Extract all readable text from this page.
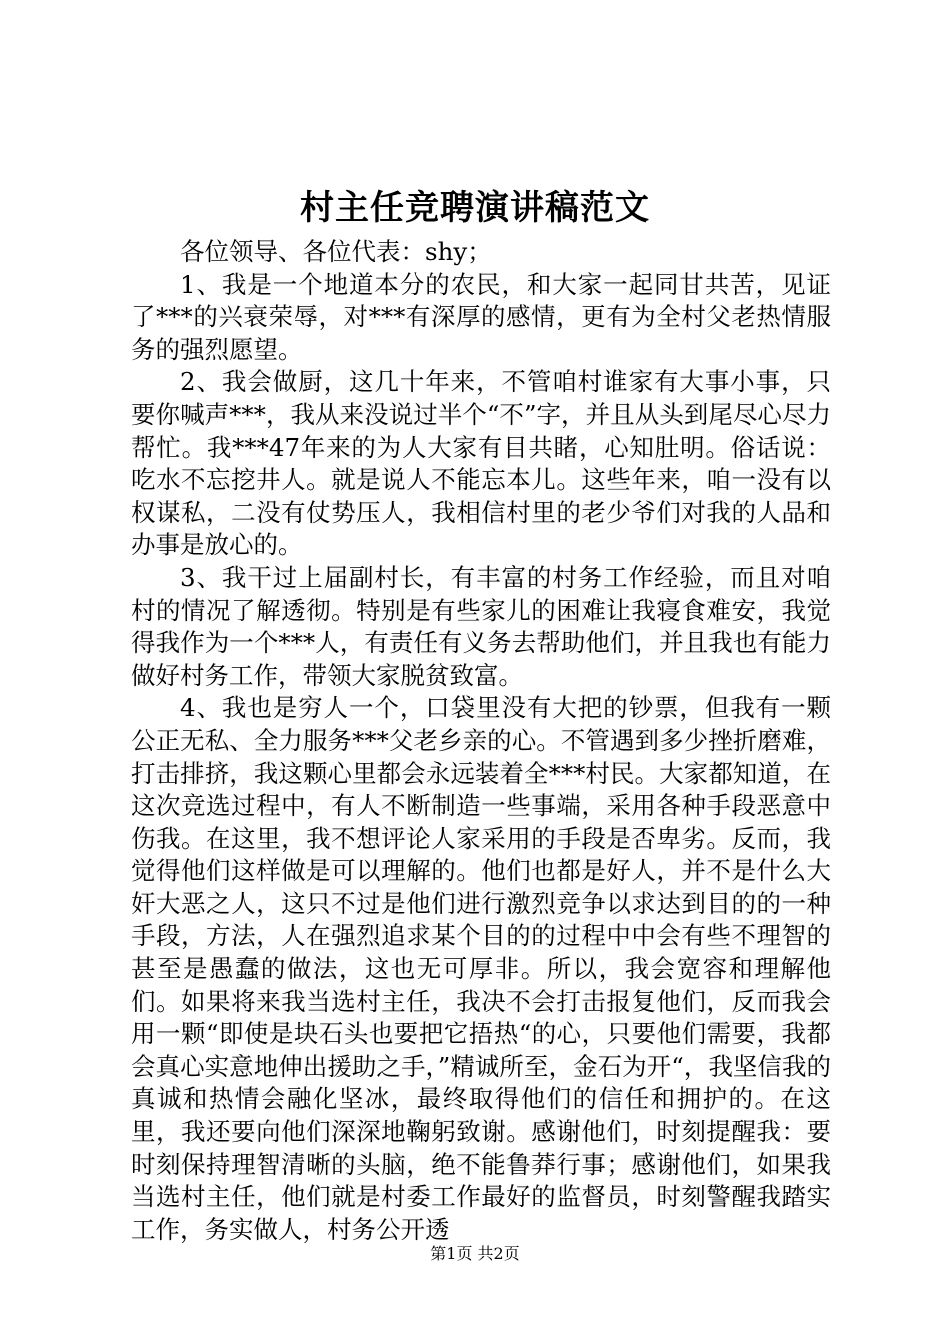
村主任竞聘演讲稿范文

各位领导、各位代表：shy；

1、我是一个地道本分的农民，和大家一起同甘共苦，见证了***的兴衰荣辱，对***有深厚的感情，更有为全村父老热情服务的强烈愿望。

2、我会做厨，这几十年来，不管咱村谁家有大事小事，只要你喊声***，我从来没说过半个“不”字，并且从头到尾尽心尽力帮忙。我***47年来的为人大家有目共睹，心知肚明。俗话说：吃水不忘挖井人。就是说人不能忘本儿。这些年来，咱一没有以权谋私，二没有仗势压人，我相信村里的老少爷们对我的人品和办事是放心的。

3、我干过上届副村长，有丰富的村务工作经验，而且对咱村的情况了解透彻。特别是有些家儿的困难让我寝食难安，我觉得我作为一个***人，有责任有义务去帮助他们，并且我也有能力做好村务工作，带领大家脱贫致富。

4、我也是穷人一个，口袋里没有大把的钞票，但我有一颗公正无私、全力服务***父老乡亲的心。不管遇到多少挫折磨难，打击排挤，我这颗心里都会永远装着全***村民。大家都知道，在这次竞选过程中，有人不断制造一些事端，采用各种手段恶意中伤我。在这里，我不想评论人家采用的手段是否卑劣。反而，我觉得他们这样做是可以理解的。他们也都是好人，并不是什么大奸大恶之人，这只不过是他们进行激烈竞争以求达到目的的一种手段，方法，人在强烈追求某个目的的过程中中会有些不理智的甚至是愚蠢的做法，这也无可厚非。所以，我会宽容和理解他们。如果将来我当选村主任，我决不会打击报复他们，反而我会用一颗“即使是块石头也要把它捂热“的心，只要他们需要，我都会真心实意地伸出援助之手，”精诚所至，金石为开“，我坚信我的真诚和热情会融化坚冰，最终取得他们的信任和拥护的。在这里，我还要向他们深深地鞠躬致谢。感谢他们，时刻提醒我：要时刻保持理智清晰的头脑，绝不能鲁莽行事；感谢他们，如果我当选村主任，他们就是村委工作最好的监督员，时刻警醒我踏实工作，务实做人，村务公开透

第1页 共2页
